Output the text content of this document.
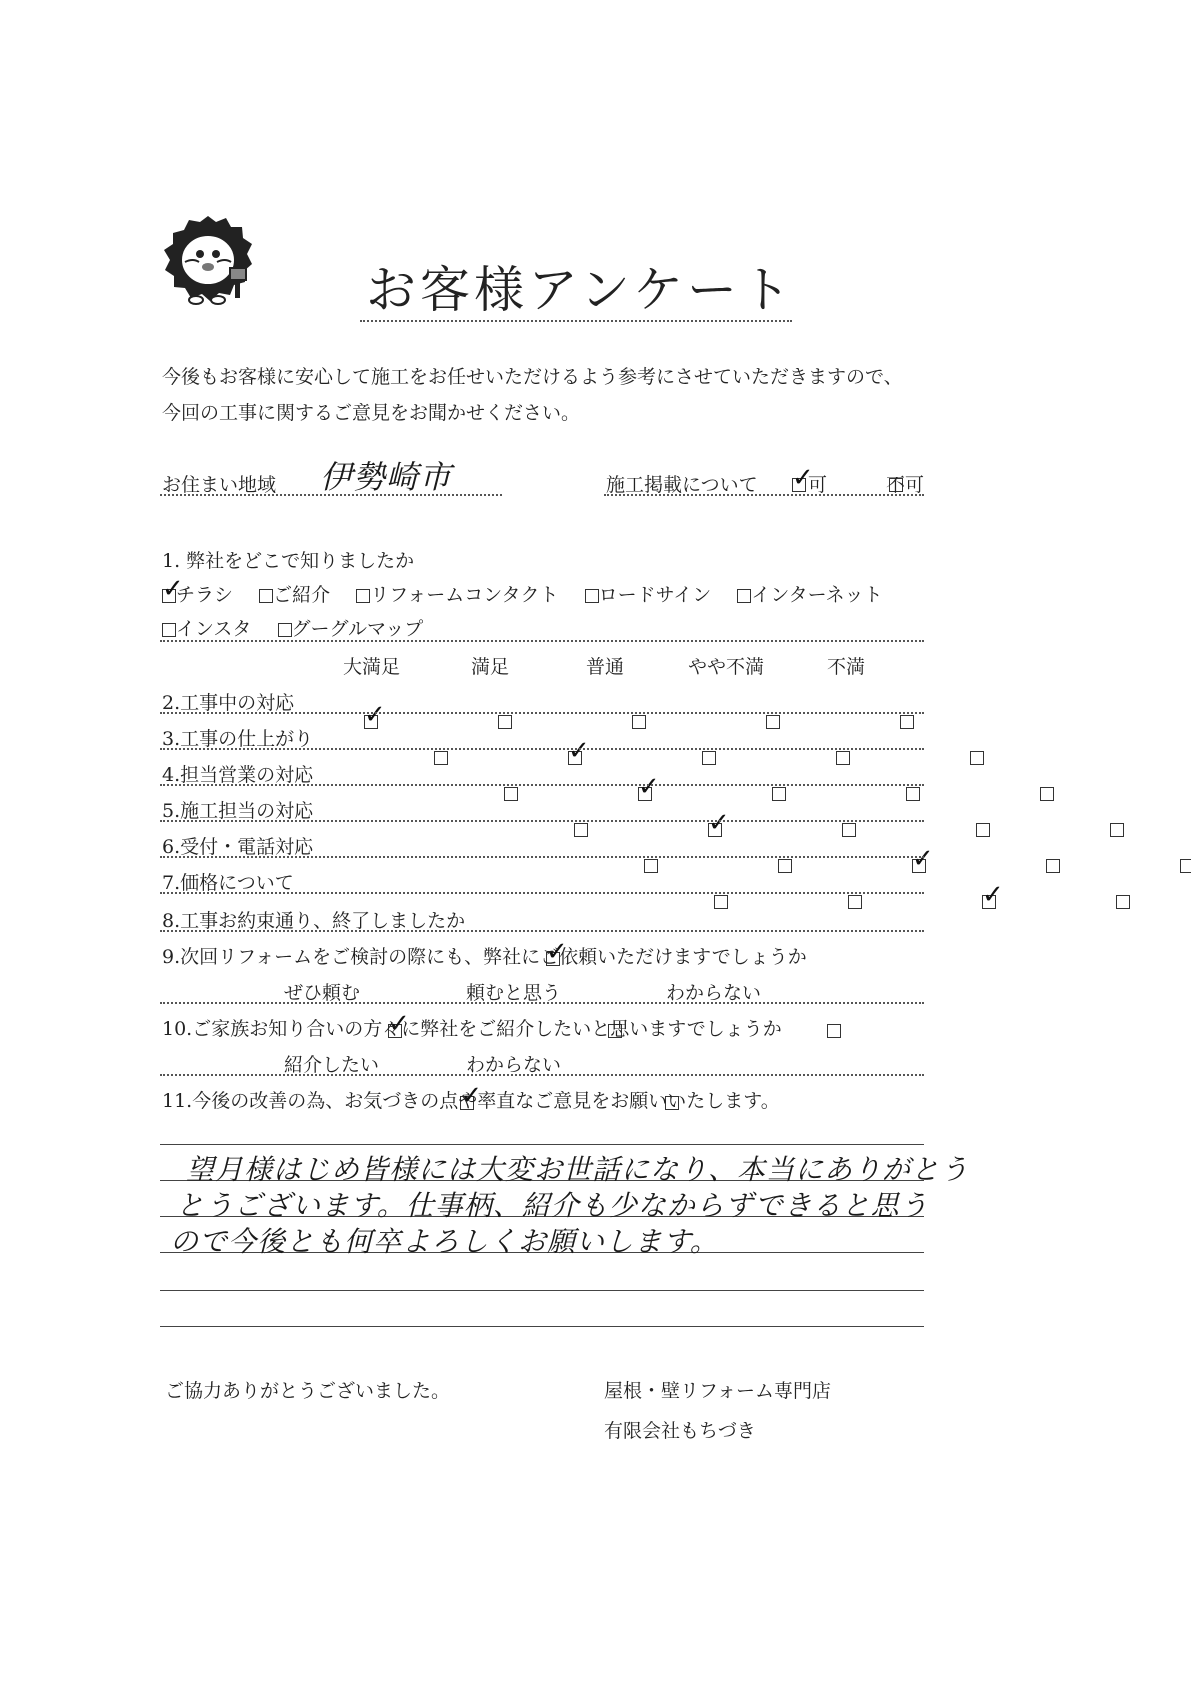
お客様アンケート
今後もお客様に安心して施工をお任せいただけるよう参考にさせていただきますので、
今回の工事に関するご意見をお聞かせください。
お住まい地域 伊勢崎市	施工掲載について
✓	可	不可
1. 弊社をどこで知りましたか
✓チラシ ご紹介 リフォームコンタクト ロードサイン インターネット
インスタ グーグルマップ
大満足	満足	普通	やや不満	不満
2.工事中の対応
✓
3.工事の仕上がり
✓
4.担当営業の対応
✓
5.施工担当の対応
✓
6.受付・電話対応
✓
7.価格について
✓
8.工事お約束通り、終了しましたか
✓
9.次回リフォームをご検討の際にも、弊社にご依頼いただけますでしょうか
ぜひ頼む
✓	頼むと思う
	わからない

10.ご家族お知り合いの方々に弊社をご紹介したいと思いますでしょうか
紹介したい
✓	わからない
11.今後の改善の為、お気づきの点や率直なご意見をお願いいたします。
望月様はじめ皆様には大変お世話になり、本当にありがとう
とうございます。仕事柄、紹介も少なからずできると思う
ので今後とも何卒よろしくお願いします。
ご協力ありがとうございました。	屋根・壁リフォーム専門店
有限会社もちづき
